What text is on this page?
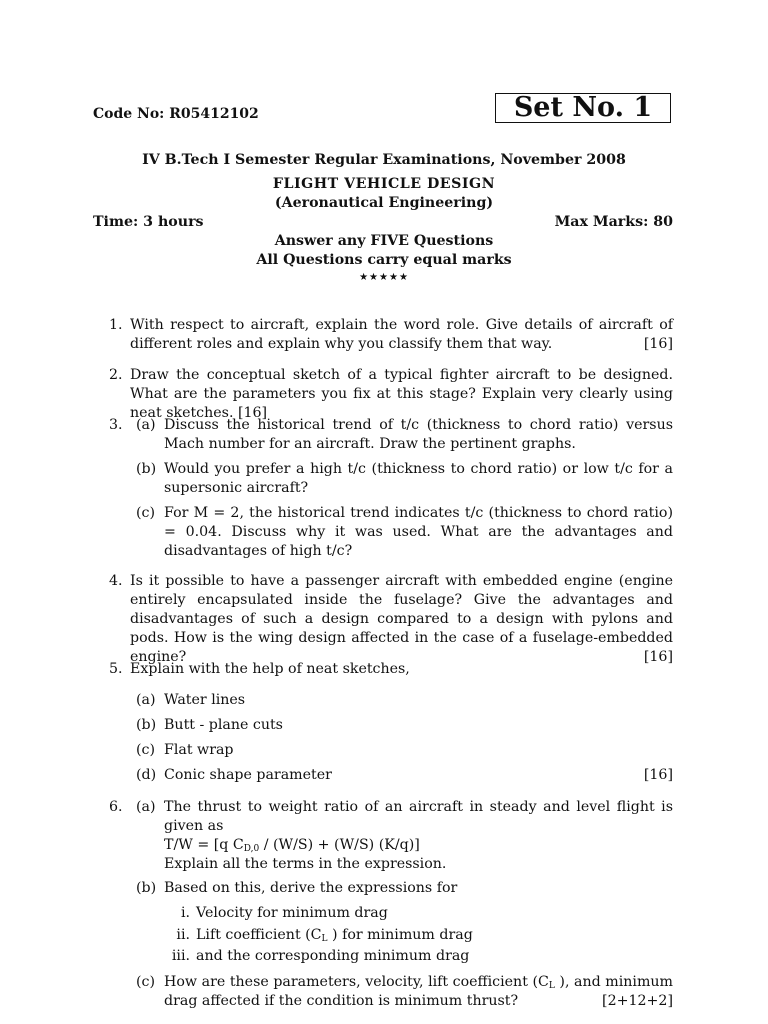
Code No: R05412102	Set No. 1
IV B.Tech I Semester Regular Examinations, November 2008
FLIGHT VEHICLE DESIGN
(Aeronautical Engineering)
Time: 3 hours	Max Marks: 80
Answer any FIVE Questions
All Questions carry equal marks
★★★★★
1. With respect to aircraft, explain the word role. Give details of aircraft of different roles and explain why you classify them that way.	[16]
2. Draw the conceptual sketch of a typical fighter aircraft to be designed. What are the parameters you fix at this stage? Explain very clearly using neat sketches. [16]
3. (a) Discuss the historical trend of t/c (thickness to chord ratio) versus Mach number for an aircraft. Draw the pertinent graphs.
(b) Would you prefer a high t/c (thickness to chord ratio) or low t/c for a supersonic aircraft?
(c) For M = 2, the historical trend indicates t/c (thickness to chord ratio) = 0.04. Discuss why it was used. What are the advantages and disadvantages of high t/c?
4. Is it possible to have a passenger aircraft with embedded engine (engine entirely encapsulated inside the fuselage? Give the advantages and disadvantages of such a design compared to a design with pylons and pods. How is the wing design affected in the case of a fuselage-embedded engine?	[16]
5. Explain with the help of neat sketches,
(a) Water lines
(b) Butt - plane cuts
(c) Flat wrap
(d) Conic shape parameter	[16]
6. (a) The thrust to weight ratio of an aircraft in steady and level flight is given as
T/W = [q $C_{D,0} / (W/S) + (W/S)$ (K/q)]
Explain all the terms in the expression.
(b) Based on this, derive the expressions for
i. Velocity for minimum drag
ii. Lift coefficient ($C_L$ ) for minimum drag
iii. and the corresponding minimum drag
(c) How are these parameters, velocity, lift coefficient ($C_L$ ), and minimum drag affected if the condition is minimum thrust?	[2+12+2]
